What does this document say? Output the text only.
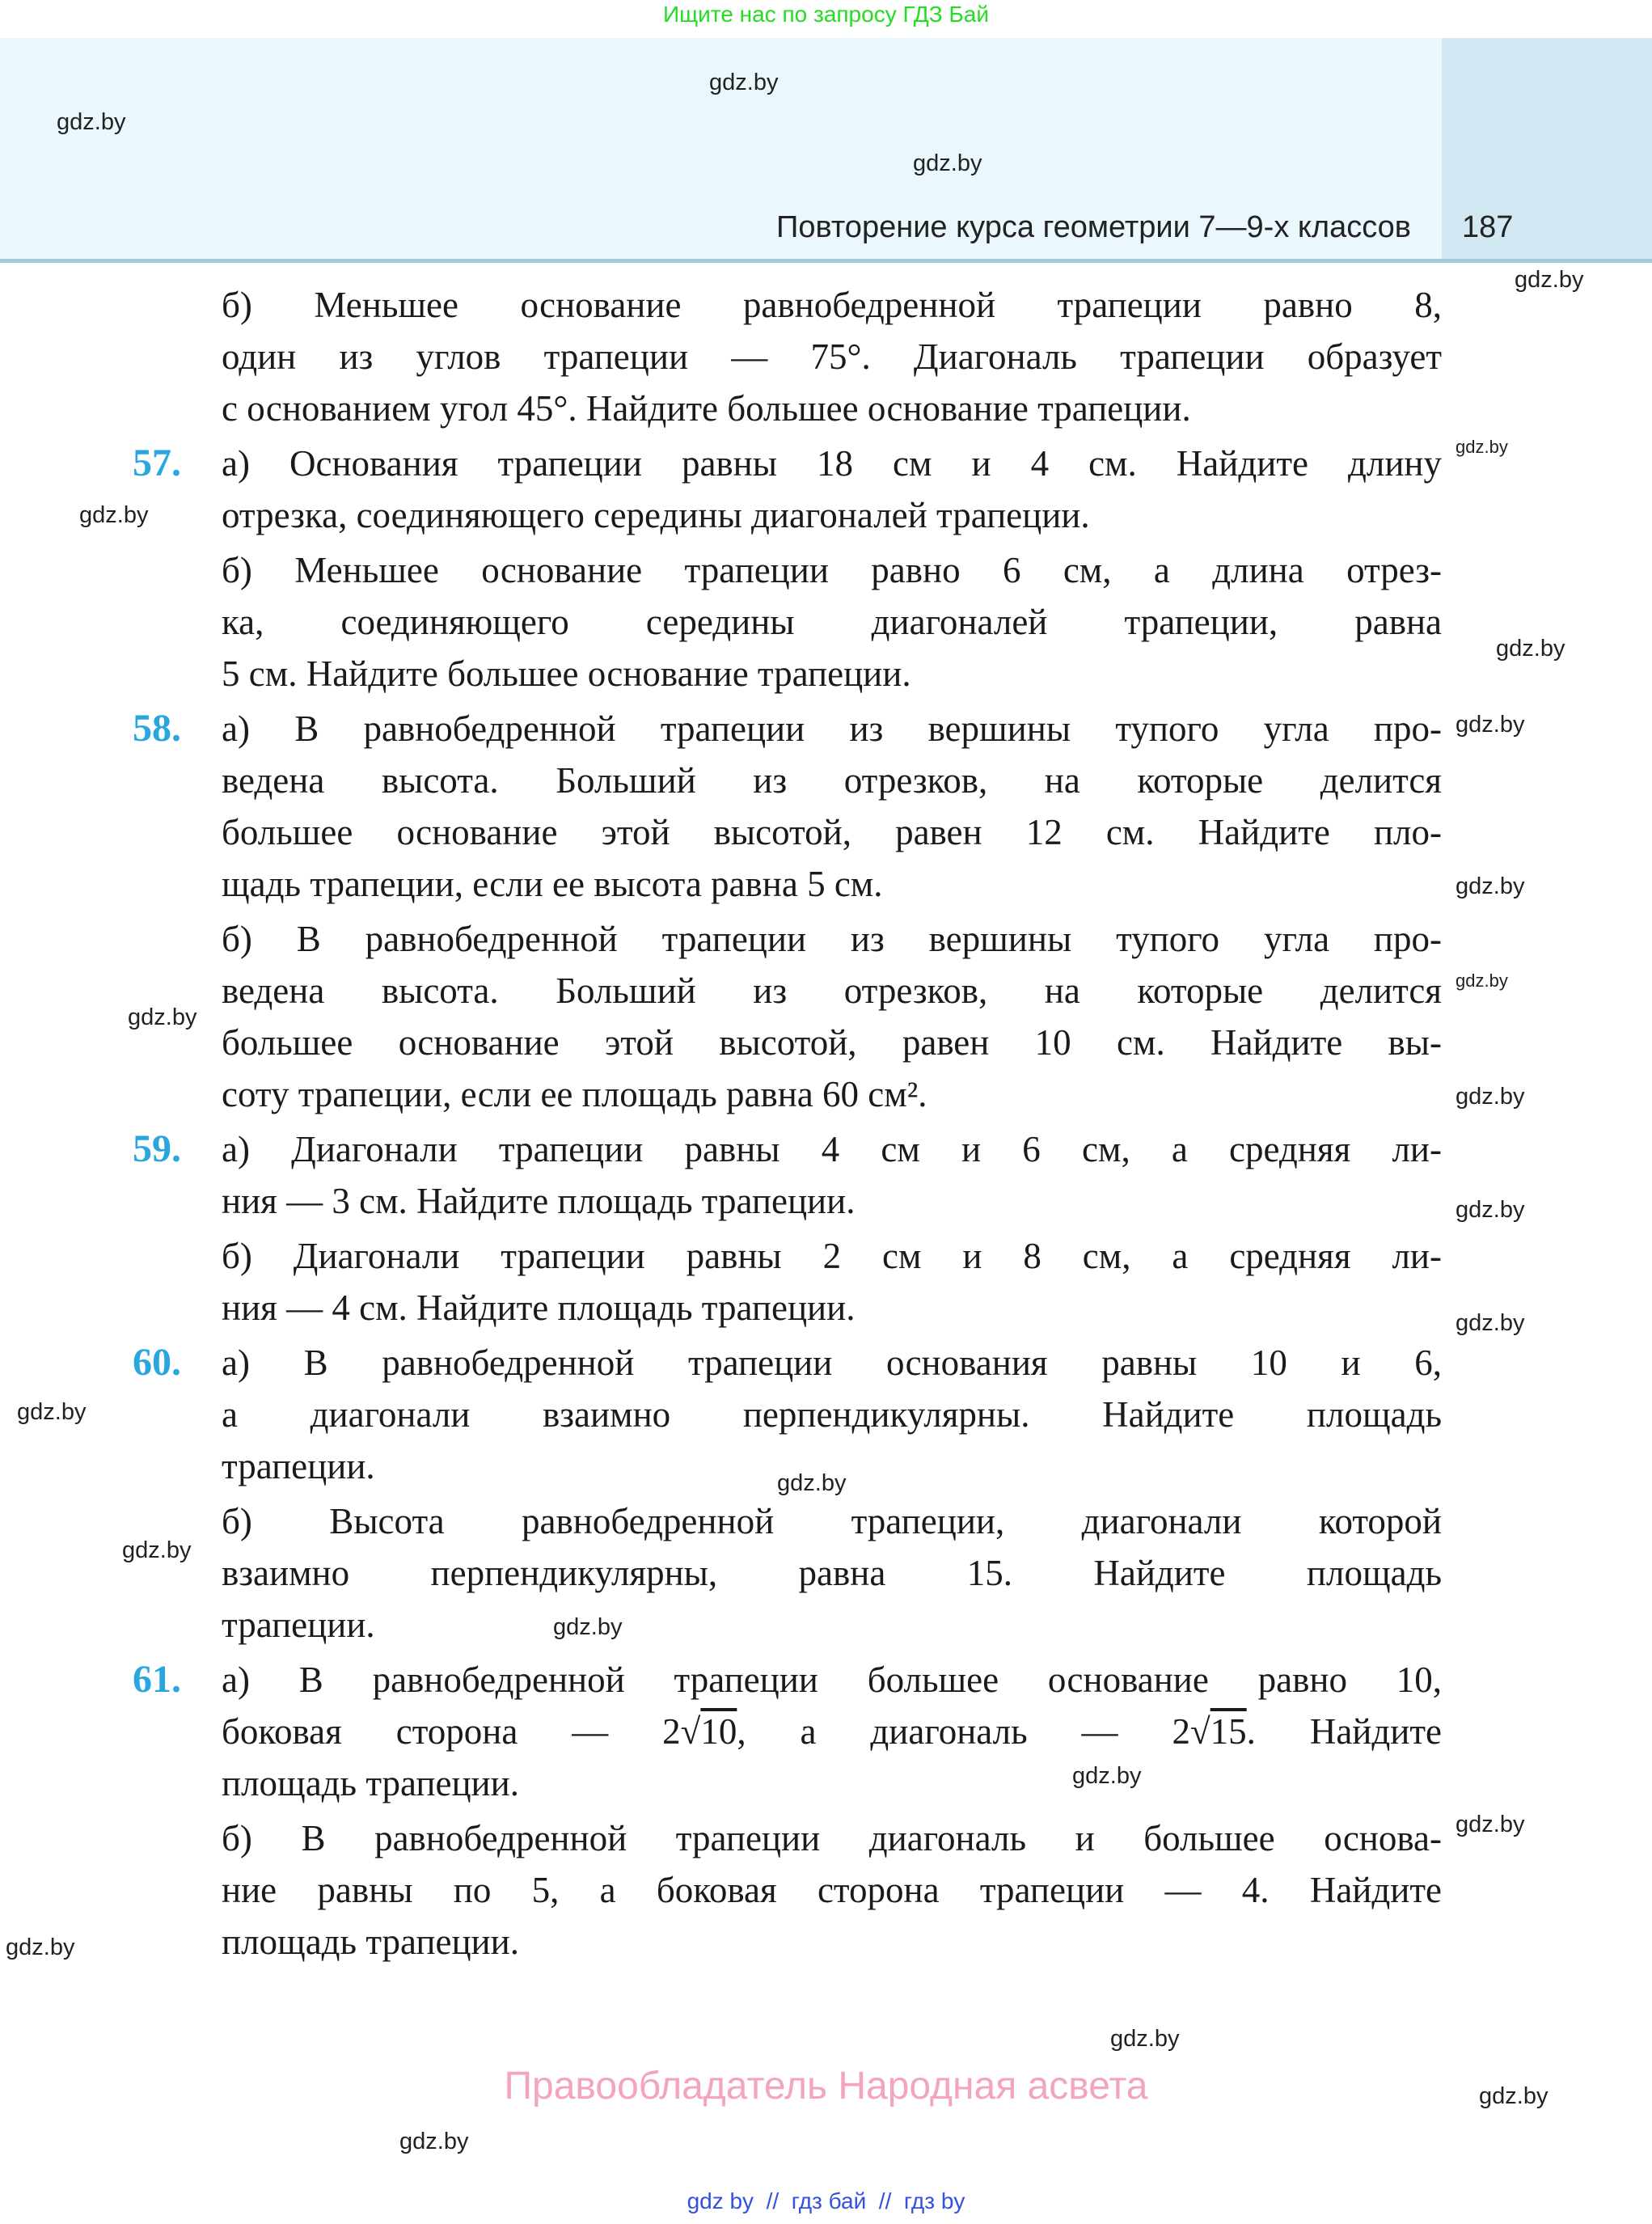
Ищите нас по запросу ГДЗ Бай
Повторение курса геометрии 7—9-х классов 187
б) Меньшее основание равнобедренной трапеции равно 8,
один из углов трапеции — 75°. Диагональ трапеции образует
с основанием угол 45°. Найдите большее основание трапеции.
57. а) Основания трапеции равны 18 см и 4 см. Найдите длину
отрезка, соединяющего середины диагоналей трапеции.
б) Меньшее основание трапеции равно 6 см, а длина отрез-
ка, соединяющего середины диагоналей трапеции, равна
5 см. Найдите большее основание трапеции.
58. а) В равнобедренной трапеции из вершины тупого угла про-
ведена высота. Больший из отрезков, на которые делится
большее основание этой высотой, равен 12 см. Найдите пло-
щадь трапеции, если ее высота равна 5 см.
б) В равнобедренной трапеции из вершины тупого угла про-
ведена высота. Больший из отрезков, на которые делится
большее основание этой высотой, равен 10 см. Найдите вы-
соту трапеции, если ее площадь равна 60 см².
59. а) Диагонали трапеции равны 4 см и 6 см, а средняя ли-
ния — 3 см. Найдите площадь трапеции.
б) Диагонали трапеции равны 2 см и 8 см, а средняя ли-
ния — 4 см. Найдите площадь трапеции.
60. а) В равнобедренной трапеции основания равны 10 и 6,
а диагонали взаимно перпендикулярны. Найдите площадь
трапеции.
б) Высота равнобедренной трапеции, диагонали которой
взаимно перпендикулярны, равна 15. Найдите площадь
трапеции.
61. а) В равнобедренной трапеции большее основание равно 10,
боковая сторона — 2√10, а диагональ — 2√15. Найдите
площадь трапеции.
б) В равнобедренной трапеции диагональ и большее основа-
ние равны по 5, а боковая сторона трапеции — 4. Найдите
площадь трапеции.
gdz.by
gdz.by
gdz.by
gdz.by
gdz.by
gdz.by
gdz.by
gdz.by
gdz.by
gdz.by
gdz.by
gdz.by
gdz.by
gdz.by
gdz.by
gdz.by
gdz.by
gdz.by
gdz.by
gdz.by
gdz.by
gdz.by
gdz.by
gdz.by
Правообладатель Народная асвета
gdz by  //  гдз бай  //  гдз by
